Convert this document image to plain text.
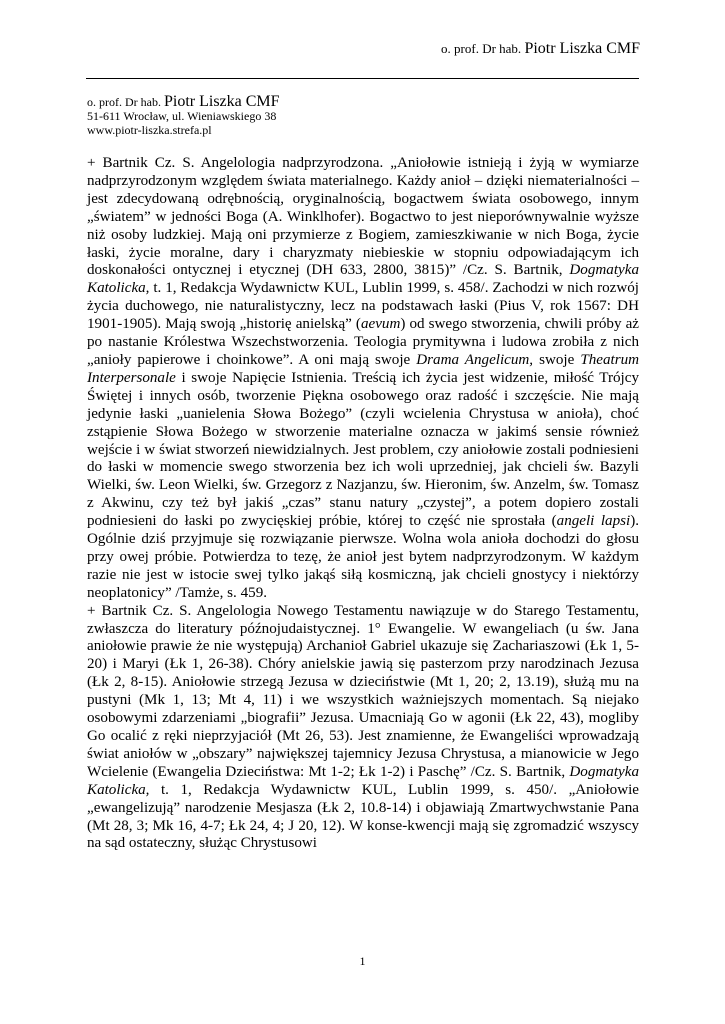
o. prof. Dr hab. Piotr Liszka CMF
o. prof. Dr hab. Piotr Liszka CMF
51-611 Wrocław, ul. Wieniawskiego 38
www.piotr-liszka.strefa.pl

+ Bartnik Cz. S. Angelologia nadprzyrodzona. „Aniołowie istnieją i żyją w wymiarze nadprzyrodzonym względem świata materialnego. Każdy anioł – dzięki niematerialności – jest zdecydowaną odrębnością, oryginalnością, bogactwem świata osobowego, innym „światem” w jedności Boga (A. Winklhofer). Bogactwo to jest nieporównywalnie wyższe niż osoby ludzkiej. Mają oni przymierze z Bogiem, zamieszkiwanie w nich Boga, życie łaski, życie moralne, dary i charyzmaty niebieskie w stopniu odpowiadającym ich doskonałości ontycznej i etycznej (DH 633, 2800, 3815)” /Cz. S. Bartnik, Dogmatyka Katolicka, t. 1, Redakcja Wydawnictw KUL, Lublin 1999, s. 458/. Zachodzi w nich rozwój życia duchowego, nie naturalistyczny, lecz na podstawach łaski (Pius V, rok 1567: DH 1901-1905). Mają swoją „historię anielską” (aevum) od swego stworzenia, chwili próby aż po nastanie Królestwa Wszechstworzenia. Teologia prymitywna i ludowa zrobiła z nich „anioły papierowe i choinkowe”. A oni mają swoje Drama Angelicum, swoje Theatrum Interpersonale i swoje Napięcie Istnienia. Treścią ich życia jest widzenie, miłość Trójcy Świętej i innych osób, tworzenie Piękna osobowego oraz radość i szczęście. Nie mają jedynie łaski „uanielenia Słowa Bożego” (czyli wcielenia Chrystusa w anioła), choć zstąpienie Słowa Bożego w stworzenie materialne oznacza w jakimś sensie również wejście i w świat stworzeń niewidzialnych. Jest problem, czy aniołowie zostali podniesieni do łaski w momencie swego stworzenia bez ich woli uprzedniej, jak chcieli św. Bazyli Wielki, św. Leon Wielki, św. Grzegorz z Nazjanzu, św. Hieronim, św. Anzelm, św. Tomasz z Akwinu, czy też był jakiś „czas” stanu natury „czystej”, a potem dopiero zostali podniesieni do łaski po zwycięskiej próbie, której to część nie sprostała (angeli lapsi). Ogólnie dziś przyjmuje się rozwiązanie pierwsze. Wolna wola anioła dochodzi do głosu przy owej próbie. Potwierdza to tezę, że anioł jest bytem nadprzyrodzonym. W każdym razie nie jest w istocie swej tylko jakąś siłą kosmiczną, jak chcieli gnostycy i niektórzy neoplatonicy” /Tamże, s. 459.

+ Bartnik Cz. S. Angelologia Nowego Testamentu nawiązuje w do Starego Testamentu, zwłaszcza do literatury późnojudaistycznej. 1° Ewangelie. W ewangeliach (u św. Jana aniołowie prawie że nie występują) Archanioł Gabriel ukazuje się Zachariaszowi (Łk 1, 5-20) i Maryi (Łk 1, 26-38). Chóry anielskie jawią się pasterzom przy narodzinach Jezusa (Łk 2, 8-15). Aniołowie strzegą Jezusa w dzieciństwie (Mt 1, 20; 2, 13.19), służą mu na pustyni (Mk 1, 13; Mt 4, 11) i we wszystkich ważniejszych momentach. Są niejako osobowymi zdarzeniami „biografii” Jezusa. Umacniają Go w agonii (Łk 22, 43), mogliby Go ocalić z ręki nieprzyjaciół (Mt 26, 53). Jest znamienne, że Ewangeliści wprowadzają świat aniołów w „obszary” największej tajemnicy Jezusa Chrystusa, a mianowicie w Jego Wcielenie (Ewangelia Dzieciństwa: Mt 1-2; Łk 1-2) i Paschę” /Cz. S. Bartnik, Dogmatyka Katolicka, t. 1, Redakcja Wydawnictw KUL, Lublin 1999, s. 450/. „Aniołowie „ewangelizują” narodzenie Mesjasza (Łk 2, 10.8-14) i objawiają Zmartwychwstanie Pana (Mt 28, 3; Mk 16, 4-7; Łk 24, 4; J 20, 12). W konse-kwencji mają się zgromadzić wszyscy na sąd ostateczny, służąc Chrystusowi

1
